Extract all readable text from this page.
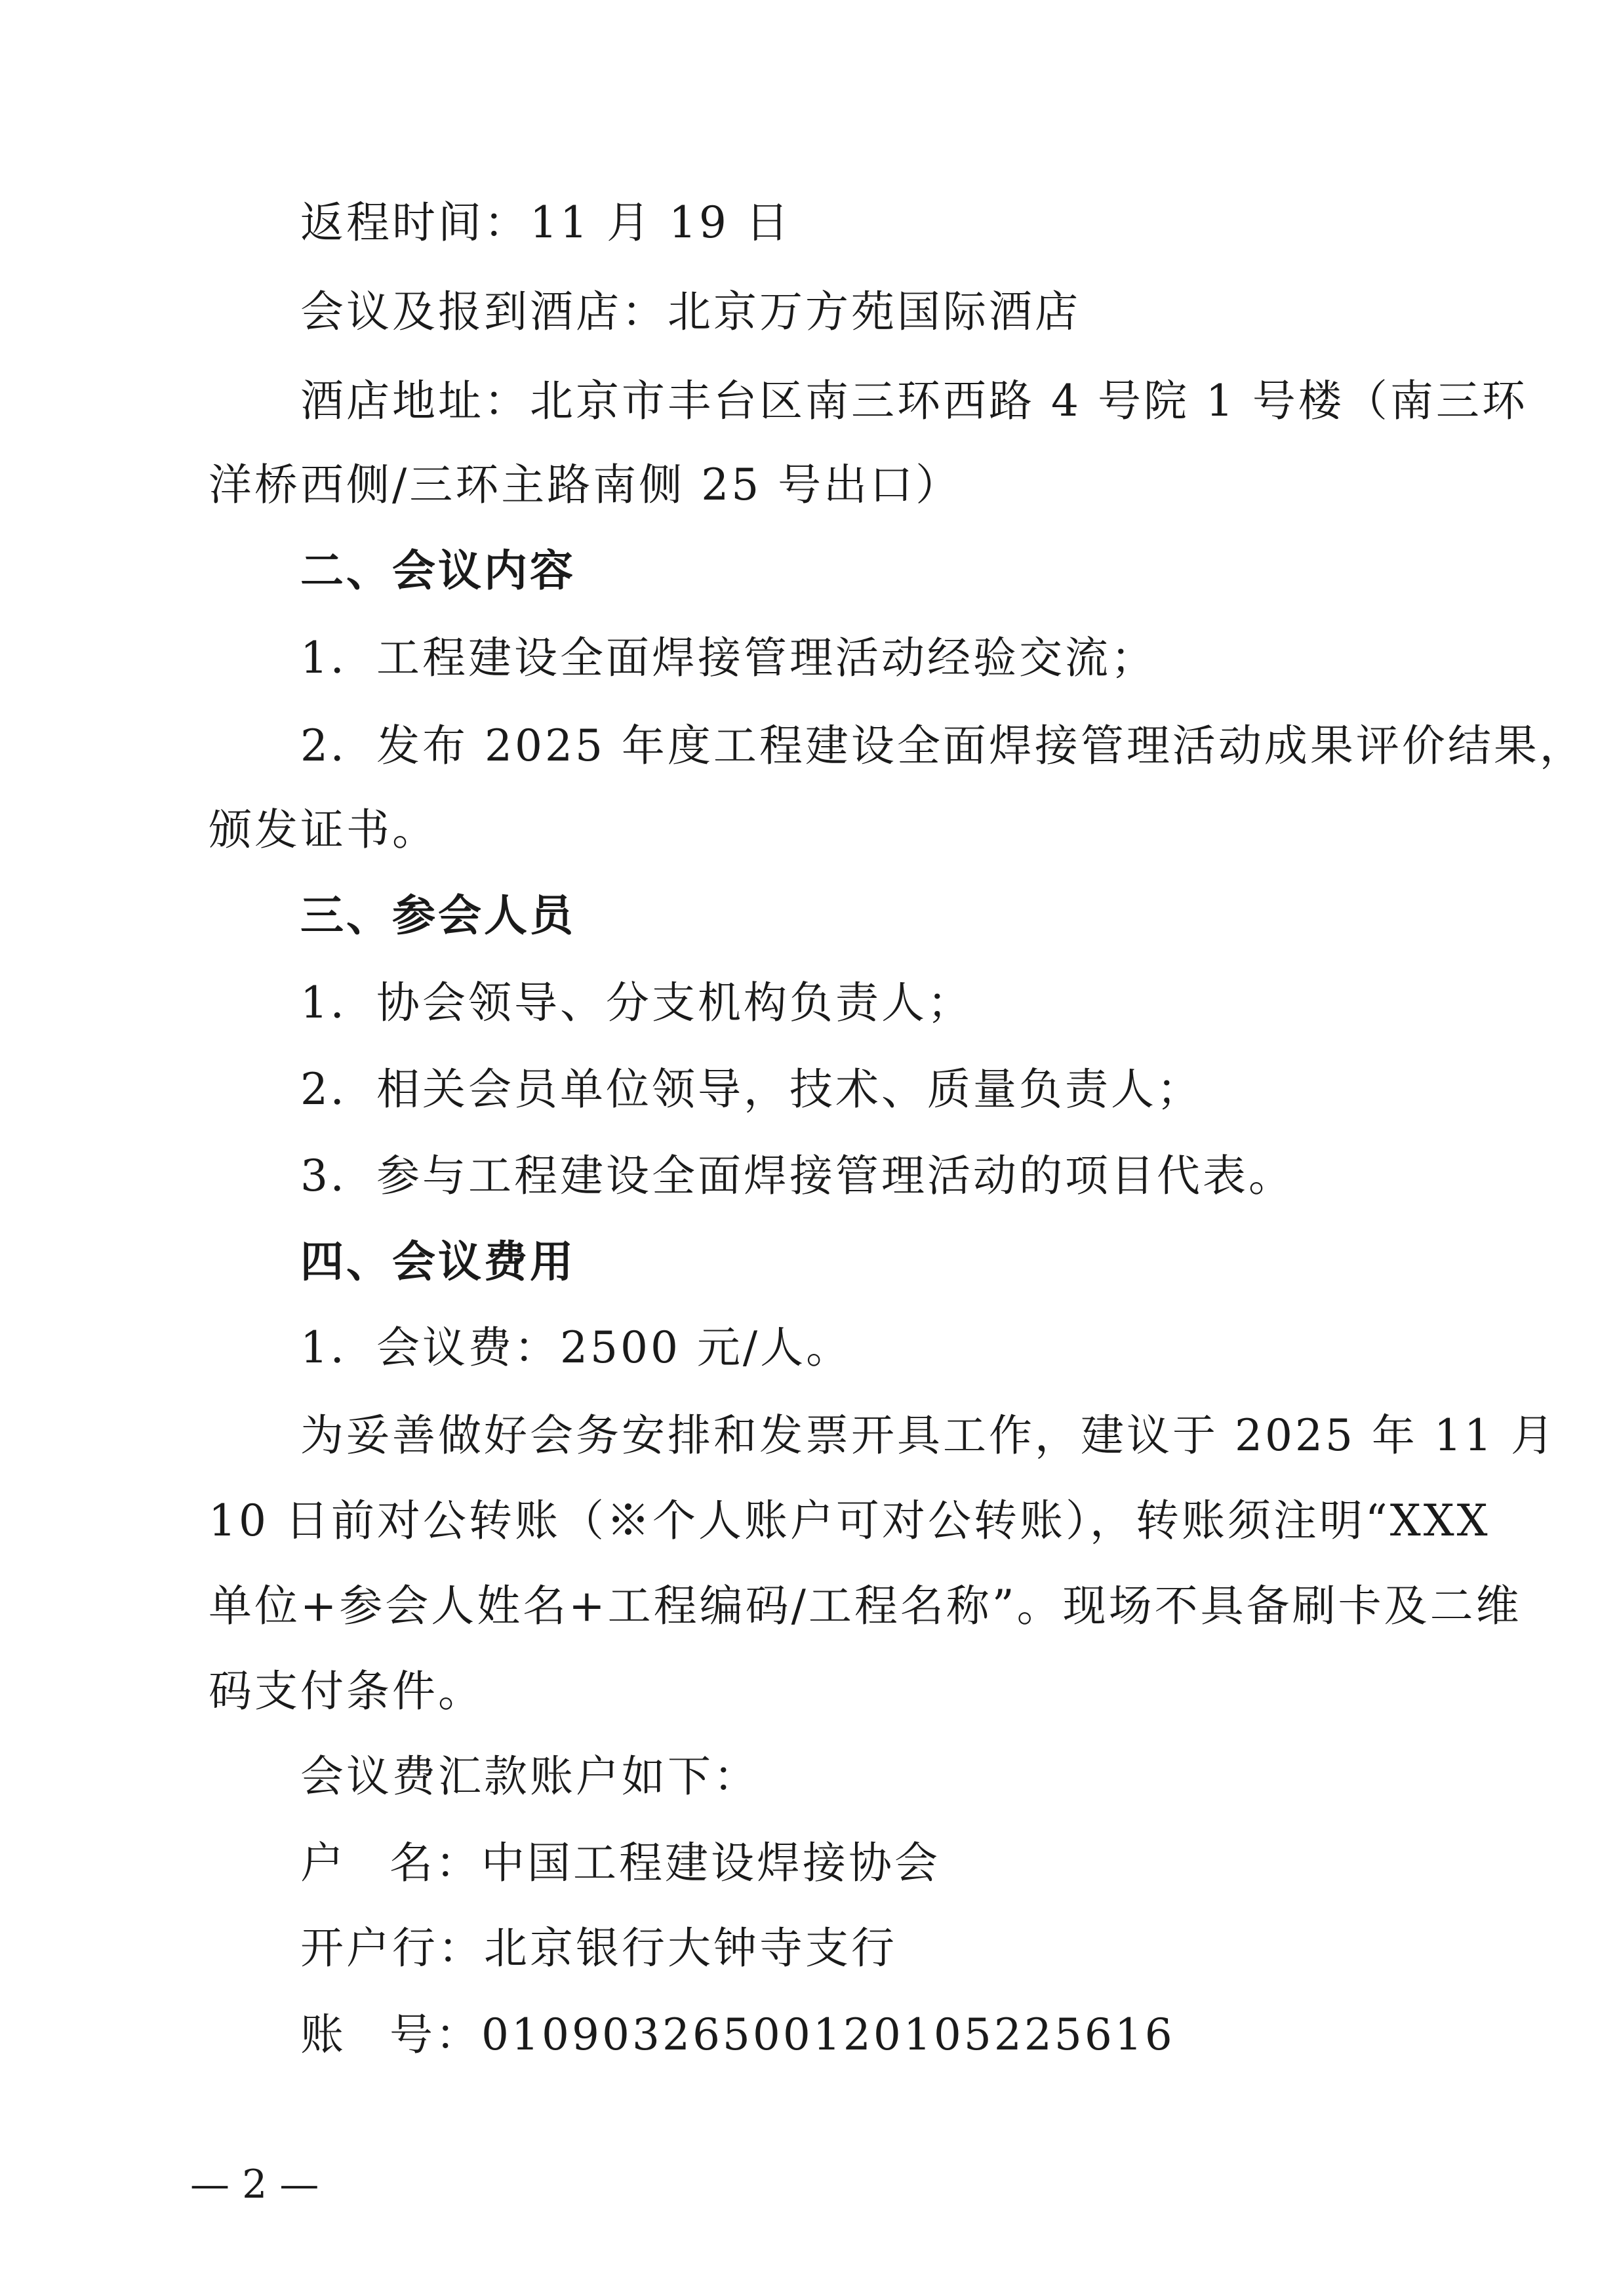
返程时间：11 月 19 日
会议及报到酒店：北京万方苑国际酒店
酒店地址：北京市丰台区南三环西路 4 号院 1 号楼（南三环
洋桥西侧/三环主路南侧 25 号出口）
二、会议内容
1．工程建设全面焊接管理活动经验交流；
2．发布 2025 年度工程建设全面焊接管理活动成果评价结果，
颁发证书。
三、参会人员
1．协会领导、分支机构负责人；
2．相关会员单位领导，技术、质量负责人；
3．参与工程建设全面焊接管理活动的项目代表。
四、会议费用
1．会议费：2500 元/人。
为妥善做好会务安排和发票开具工作，建议于 2025 年 11 月
10 日前对公转账（※个人账户可对公转账），转账须注明“XXX
单位+参会人姓名+工程编码/工程名称”。现场不具备刷卡及二维
码支付条件。
会议费汇款账户如下：
户 名：中国工程建设焊接协会
开户行：北京银行大钟寺支行
账 号：01090326500120105225616
— 2 —
